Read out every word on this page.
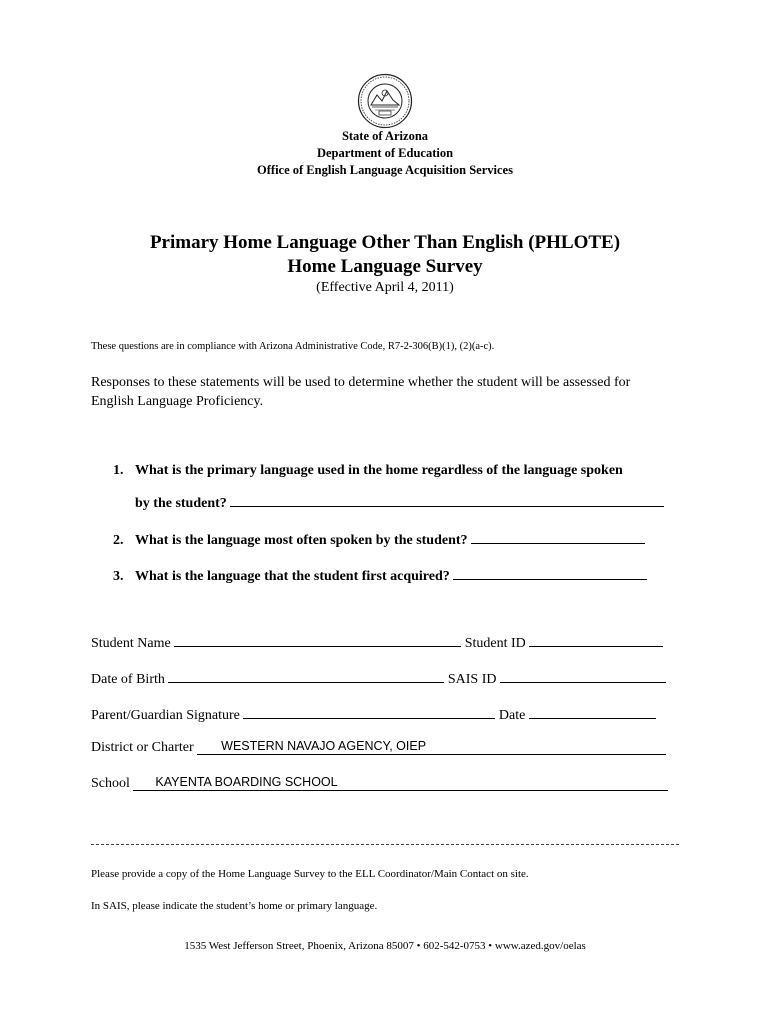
State of Arizona
Department of Education
Office of English Language Acquisition Services
Primary Home Language Other Than English (PHLOTE)
Home Language Survey
(Effective April 4, 2011)
These questions are in compliance with Arizona Administrative Code, R7-2-306(B)(1), (2)(a-c).
Responses to these statements will be used to determine whether the student will be assessed for
English Language Proficiency.
1. What is the primary language used in the home regardless of the language spoken
by the student?
2. What is the language most often spoken by the student?
3. What is the language that the student first acquired?
Student Name	Student ID
Date of Birth	SAIS ID
Parent/Guardian Signature	Date
District or Charter WESTERN NAVAJO AGENCY, OIEP
School KAYENTA BOARDING SCHOOL
Please provide a copy of the Home Language Survey to the ELL Coordinator/Main Contact on site.
In SAIS, please indicate the student’s home or primary language.
1535 West Jefferson Street, Phoenix, Arizona 85007 • 602-542-0753 • www.azed.gov/oelas
